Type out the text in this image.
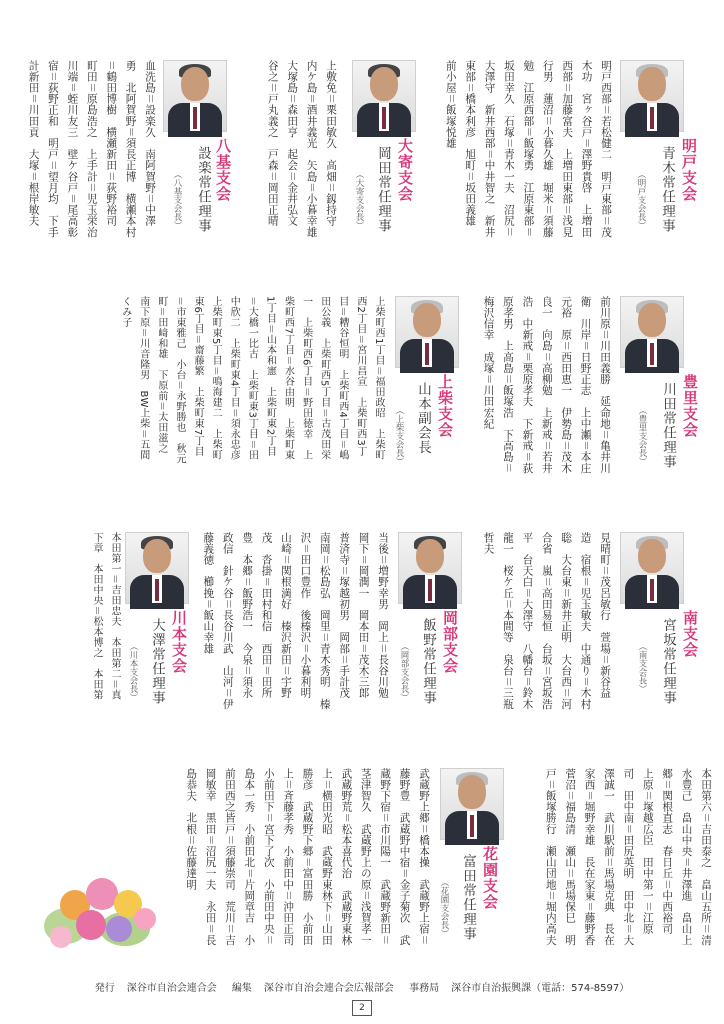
明戸支会
青木常任理事
（明戸支会長）

明戸西部＝若松健二　明戸東部＝茂

木功　宮ヶ谷戸＝澤野貴啓　上増田

西部＝加藤富夫　上増田東部＝浅見

行男　蓮沼＝小暮久雄　堀米＝須藤

勉　江原西部＝飯塚勇　江原東部＝

坂田幸久　石塚＝青木一夫　沼尻＝

大澤守　新井西部＝中井智之　新井

東部＝橋本利彦　旭町＝坂田義雄

前小屋＝飯塚悦雄

大寄支会
岡田常任理事
（大寄支会長）

上敷免＝栗田敏久　高畑＝釼持守

内ケ島＝酒井義光　矢島＝小暮幸雄

大塚島＝森田亨　起会＝金井弘文

谷之＝戸丸義之　戸森＝岡田正晴

八基支会
設楽常任理事
（八基支会長）

血洗島＝設楽久　南阿賀野＝中澤

勇　北阿賀野＝須長正博　横瀬本村

＝鶴田博樹　横瀬新田＝荻野裕司

町田＝原島浩之　上手計＝児玉栄治

川端＝蛭川友三　壁ケ谷戸＝尾高彰

宿＝荻野正和　明戸＝望月均　下手

計新田＝川田貢　大塚＝根岸敏夫

豊里支会
川田常任理事
（豊里支会長）

前川原＝川田義勝　延命地＝亀井川

衛　川岸＝日野正志　上中瀬＝本庄

元裕　原＝西田恵一　伊勢島＝茂木

良一　向島＝高柳勉　上新戒＝若井

浩　中新戒＝栗原孝夫　下新戒＝荻

原孝男　上高島＝飯塚浩　下高島＝

梅沢信幸　成塚＝川田宏紀

上柴支会
山本副会長
（上柴支会長）

上柴町西1丁目＝福田政昭　上柴町

西2丁目＝宮川昌宣　上柴町西3丁

目＝糟谷恒明　上柴町西4丁目＝嶋

田公義　上柴町西5丁目＝古茂田栄

一　上柴町西6丁目＝野田徳幸　上

柴町西7丁目＝水谷由明　上柴町東

1丁目＝山本和憲　上柴町東2丁目

＝大橋一比古　上柴町東3丁目＝田

中欣二　上柴町東4丁目＝須永忠彦

上柴町東5丁目＝鳴海建二　上柴町

東6丁目＝齋藤繁　上柴町東7丁目

＝市東雅己　小台＝永野勝也　秋元

町＝田﨑和雄　下原前＝太田滋之

南下原＝川音隆男　BW上柴＝五間

くみ子

南支会
宮坂常任理事
（南支会長）

見晴町＝茂呂敏行　萱場＝新谷益

造　宿根＝児玉敏夫　中通り＝木村

聡　大台東＝新井正明　大台西＝河

合省　嵐＝高田易恒　台坂＝宮坂浩

平　台天白＝大澤守　八幡台＝鈴木

龍一　桜ケ丘＝本間等　泉台＝三瓶

哲夫

岡部支会
飯野常任理事
（岡部支会長）

当後＝増野幸男　岡上＝長谷川勉

岡下＝岡潤一　岡本田＝茂木三郎

普済寺＝塚越初男　岡部＝手計茂

南岡＝松島弘　岡里＝青木秀明　榛

沢＝田口豊作　後榛沢＝小暮利明

山崎＝関根満好　榛沢新田＝宇野

茂　沓掛＝田村和信　西田＝田所

豊　本郷＝飯野浩一　今泉＝須永

政信　針ケ谷＝長谷川武　山河＝伊

藤義徳　櫛挽＝飯山幸雄

川本支会
大澤常任理事
（川本支会長）

本田第一＝吉田忠夫　本田第二＝真

下章　本田中央＝松本博之　本田第

本田第六＝吉田泰之　畠山五所＝清

水豊己　畠山中央＝井澤進　畠山上

郷＝関根直志　春日丘＝中西裕司

上原＝塚越広臣　田中第一＝江原

司　田中南＝田尻英明　田中北＝大

澤誠一　武川駅前＝馬場克典　長在

家西＝堀野幸雄　長在家東＝藤野香

菅沼＝福島清　瀬山＝馬場保巳　明

戸＝飯塚勝行　瀬山団地＝堀内高夫

花園支会
富田常任理事
（花園支会長）

武蔵野上郷＝橋本操　武蔵野上宿＝

藤野豊　武蔵野中宿＝金子菊次　武

蔵野下宿＝市川陽一　武蔵野新田＝

茎津智久　武蔵野上の原＝浅賀孝一

武蔵野荒＝松本喜代治　武蔵野東林

上＝横田光昭　武蔵野東林下＝山田

勝彦　武蔵野下郷＝富田勝　小前田

上＝斉藤孝秀　小前田中＝沖田正司

小前田下＝宮下了次　小前田中央＝

島本一秀　小前田北＝片岡章吉　小

前田西之皆戸＝須藤崇司　荒川＝吉

岡敏幸　黒田＝沼尻一夫　永田＝長

島恭夫　北根＝佐藤達明

発行 深谷市自治会連合会 編集 深谷市自治会連合会広報部会 事務局 深谷市自治振興課（電話：574-8597）
2
